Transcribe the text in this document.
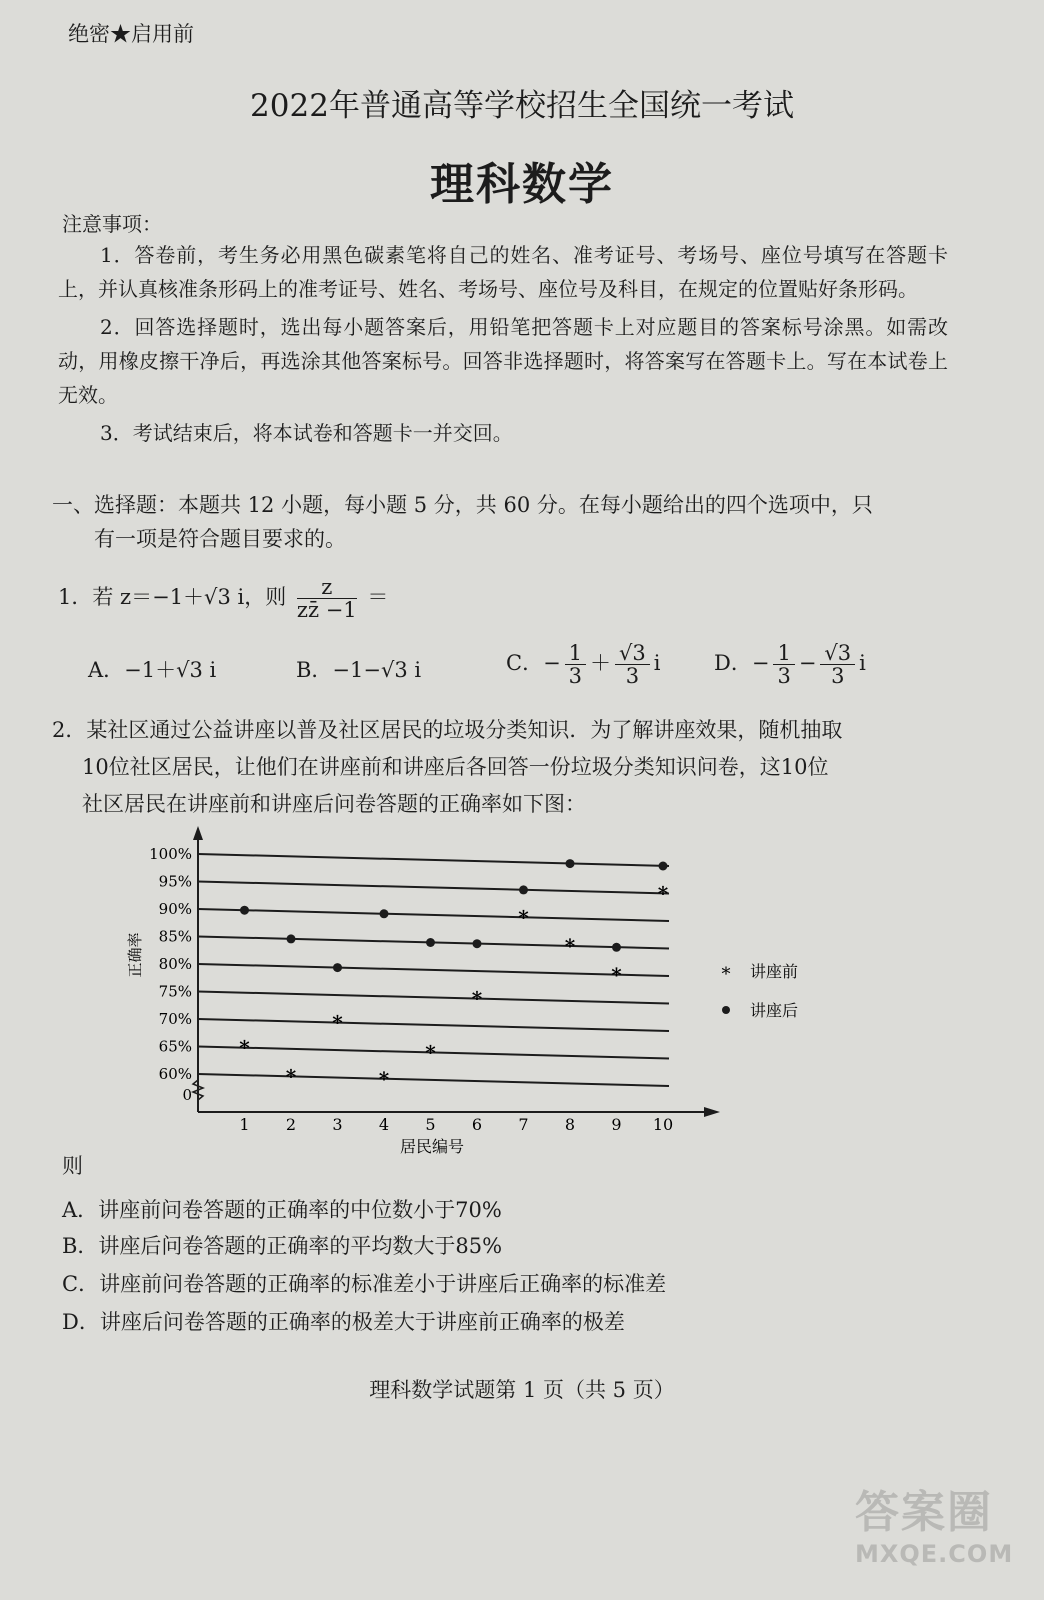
绝密★启用前
2022年普通高等学校招生全国统一考试
理科数学
注意事项：

1．答卷前，考生务必用黑色碳素笔将自己的姓名、准考证号、考场号、座位号填写在答题卡上，并认真核准条形码上的准考证号、姓名、考场号、座位号及科目，在规定的位置贴好条形码。

2．回答选择题时，选出每小题答案后，用铅笔把答题卡上对应题目的答案标号涂黑。如需改动，用橡皮擦干净后，再选涂其他答案标号。回答非选择题时，将答案写在答题卡上。写在本试卷上无效。

3．考试结束后，将本试卷和答题卡一并交回。

一、选择题：本题共 12 小题，每小题 5 分，共 60 分。在每小题给出的四个选项中，只
有一项是符合题目要求的。
1．若 z＝−1＋√3 i，则 $\frac{z}{zz̄ -1}$ ＝
A．−1＋√3 i	B．−1−√3 i	C．− $\frac{1}{3} + \frac{√3}{3}$ i	D．− $\frac{1}{3} - \frac{√3}{3}$ i
2．某社区通过公益讲座以普及社区居民的垃圾分类知识．为了解讲座效果，随机抽取

10位社区居民，让他们在讲座前和讲座后各回答一份垃圾分类知识问卷，这10位
社区居民在讲座前和讲座后问卷答题的正确率如下图：
0
60%
65%
70%
75%
80%
85%
90%
95%
100%
1 2 3 4 5 6 7 8 9 10
*
*
*
*
*
*
*
*
*
*
正确率
居民编号
* 讲座前
讲座后
则
A．讲座前问卷答题的正确率的中位数小于70%
B．讲座后问卷答题的正确率的平均数大于85%
C．讲座前问卷答题的正确率的标准差小于讲座后正确率的标准差
D．讲座后问卷答题的正确率的极差大于讲座前正确率的极差
理科数学试题第 1 页（共 5 页）
答案圈
MXQE.COM
